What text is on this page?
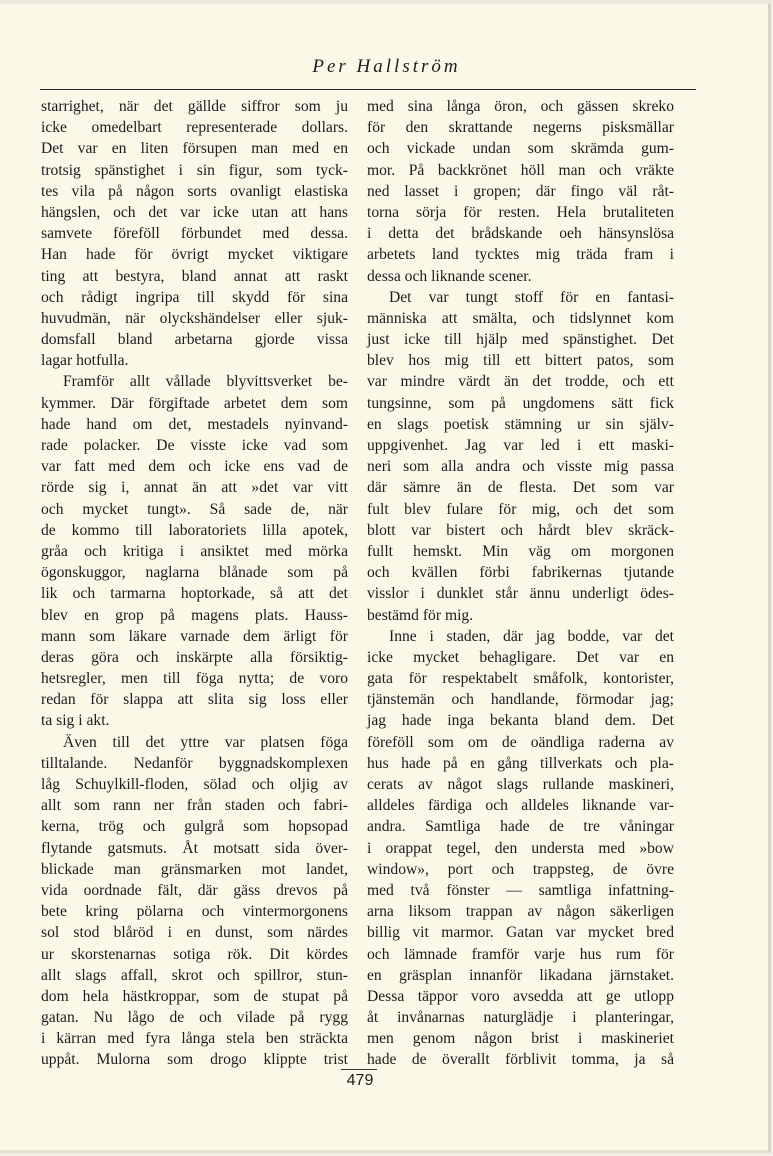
Per Hallström
starrighet, när det gällde siffror som ju
icke omedelbart representerade dollars.
Det var en liten försupen man med en
trotsig spänstighet i sin figur, som tyck-
tes vila på någon sorts ovanligt elastiska
hängslen, och det var icke utan att hans
samvete föreföll förbundet med dessa.
Han hade för övrigt mycket viktigare
ting att bestyra, bland annat att raskt
och rådigt ingripa till skydd för sina
huvudmän, när olyckshändelser eller sjuk-
domsfall bland arbetarna gjorde vissa
lagar hotfulla.
Framför allt vållade blyvittsverket be-
kymmer. Där förgiftade arbetet dem som
hade hand om det, mestadels nyinvand-
rade polacker. De visste icke vad som
var fatt med dem och icke ens vad de
rörde sig i, annat än att »det var vitt
och mycket tungt». Så sade de, när
de kommo till laboratoriets lilla apotek,
gråa och kritiga i ansiktet med mörka
ögonskuggor, naglarna blånade som på
lik och tarmarna hoptorkade, så att det
blev en grop på magens plats. Hauss-
mann som läkare varnade dem ärligt för
deras göra och inskärpte alla försiktig-
hetsregler, men till föga nytta; de voro
redan för slappa att slita sig loss eller
ta sig i akt.
Även till det yttre var platsen föga
tilltalande. Nedanför byggnadskomplexen
låg Schuylkill-floden, sölad och oljig av
allt som rann ner från staden och fabri-
kerna, trög och gulgrå som hopsopad
flytande gatsmuts. Åt motsatt sida över-
blickade man gränsmarken mot landet,
vida oordnade fält, där gäss drevos på
bete kring pölarna och vintermorgonens
sol stod blåröd i en dunst, som närdes
ur skorstenarnas sotiga rök. Dit kördes
allt slags affall, skrot och spillror, stun-
dom hela hästkroppar, som de stupat på
gatan. Nu lågo de och vilade på rygg
i kärran med fyra långa stela ben sträckta
uppåt. Mulorna som drogo klippte trist
med sina långa öron, och gässen skreko
för den skrattande negerns pisksmällar
och vickade undan som skrämda gum-
mor. På backkrönet höll man och vräkte
ned lasset i gropen; där fingo väl råt-
torna sörja för resten. Hela brutaliteten
i detta det brådskande oeh hänsynslösa
arbetets land tycktes mig träda fram i
dessa och liknande scener.
Det var tungt stoff för en fantasi-
människa att smälta, och tidslynnet kom
just icke till hjälp med spänstighet. Det
blev hos mig till ett bittert patos, som
var mindre värdt än det trodde, och ett
tungsinne, som på ungdomens sätt fick
en slags poetisk stämning ur sin själv-
uppgivenhet. Jag var led i ett maski-
neri som alla andra och visste mig passa
där sämre än de flesta. Det som var
fult blev fulare för mig, och det som
blott var bistert och hårdt blev skräck-
fullt hemskt. Min väg om morgonen
och kvällen förbi fabrikernas tjutande
visslor i dunklet står ännu underligt ödes-
bestämd för mig.
Inne i staden, där jag bodde, var det
icke mycket behagligare. Det var en
gata för respektabelt småfolk, kontorister,
tjänstemän och handlande, förmodar jag;
jag hade inga bekanta bland dem. Det
föreföll som om de oändliga raderna av
hus hade på en gång tillverkats och pla-
cerats av något slags rullande maskineri,
alldeles färdiga och alldeles liknande var-
andra. Samtliga hade de tre våningar
i orappat tegel, den understa med »bow
window», port och trappsteg, de övre
med två fönster — samtliga infattning-
arna liksom trappan av någon säkerligen
billig vit marmor. Gatan var mycket bred
och lämnade framför varje hus rum för
en gräsplan innanför likadana järnstaket.
Dessa täppor voro avsedda att ge utlopp
åt invånarnas naturglädje i planteringar,
men genom någon brist i maskineriet
hade de överallt förblivit tomma, ja så
479
